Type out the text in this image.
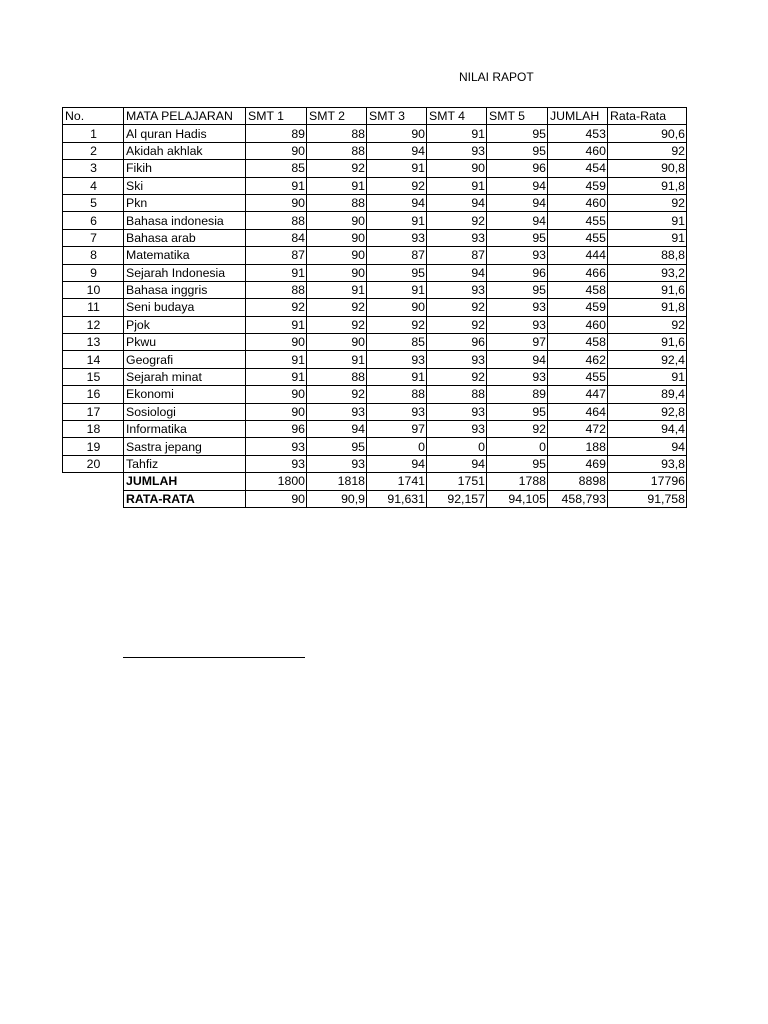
NILAI RAPOT
No.	MATA PELAJARAN	SMT 1	SMT 2	SMT 3	SMT 4	SMT 5	JUMLAH	Rata-Rata
1	Al quran Hadis	89	88	90	91	95	453	90,6
2	Akidah akhlak	90	88	94	93	95	460	92
3	Fikih	85	92	91	90	96	454	90,8
4	Ski	91	91	92	91	94	459	91,8
5	Pkn	90	88	94	94	94	460	92
6	Bahasa indonesia	88	90	91	92	94	455	91
7	Bahasa arab	84	90	93	93	95	455	91
8	Matematika	87	90	87	87	93	444	88,8
9	Sejarah Indonesia	91	90	95	94	96	466	93,2
10	Bahasa inggris	88	91	91	93	95	458	91,6
11	Seni budaya	92	92	90	92	93	459	91,8
12	Pjok	91	92	92	92	93	460	92
13	Pkwu	90	90	85	96	97	458	91,6
14	Geografi	91	91	93	93	94	462	92,4
15	Sejarah minat	91	88	91	92	93	455	91
16	Ekonomi	90	92	88	88	89	447	89,4
17	Sosiologi	90	93	93	93	95	464	92,8
18	Informatika	96	94	97	93	92	472	94,4
19	Sastra jepang	93	95	0	0	0	188	94
20	Tahfiz	93	93	94	94	95	469	93,8
	JUMLAH	1800	1818	1741	1751	1788	8898	17796
	RATA-RATA	90	90,9	91,631	92,157	94,105	458,793	91,758
